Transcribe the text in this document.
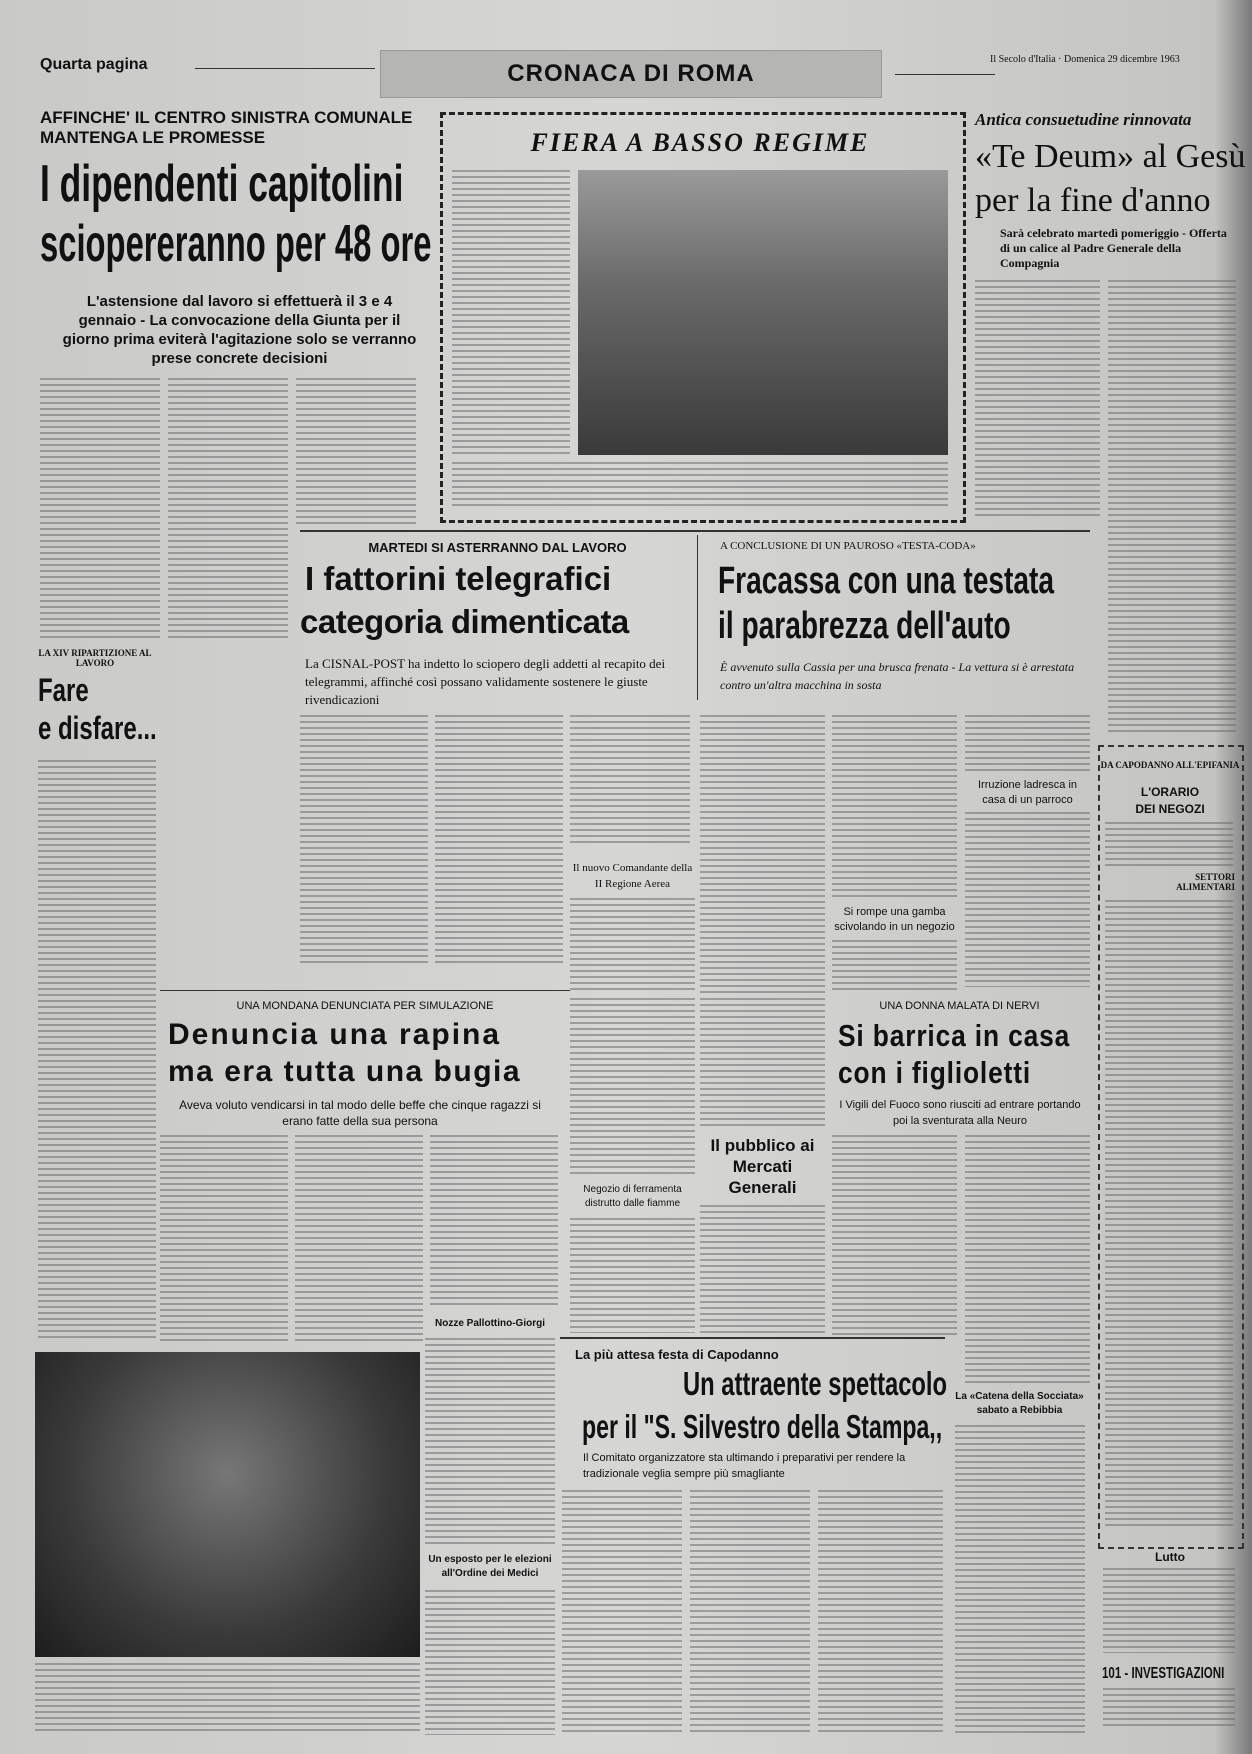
Quarta pagina	CRONACA DI ROMA
Il Secolo d'Italia · Domenica 29 dicembre 1963
AFFINCHE' IL CENTRO SINISTRA COMUNALE MANTENGA LE PROMESSE
I dipendenti capitolini
sciopereranno per 48 ore
L'astensione dal lavoro si effettuerà il 3 e 4 gennaio - La convocazione della Giunta per il giorno prima eviterà l'agitazione solo se verranno prese concrete decisioni
FIERA A BASSO REGIME
Antica consuetudine rinnovata
«Te Deum» al Gesù
per la fine d'anno
Sarà celebrato martedì pomeriggio - Offerta di un calice al Padre Generale della Compagnia
LA XIV RIPARTIZIONE AL LAVORO
Fare
e disfare...
MARTEDI SI ASTERRANNO DAL LAVORO
I fattorini telegrafici
categoria dimenticata
La CISNAL-POST ha indetto lo sciopero degli addetti al recapito dei telegrammi, affinché così possano validamente sostenere le giuste rivendicazioni
A CONCLUSIONE DI UN PAUROSO «TESTA-CODA»
Fracassa con una testata
il parabrezza dell'auto
È avvenuto sulla Cassia per una brusca frenata - La vettura si è arrestata contro un'altra macchina in sosta
Il nuovo Comandante della II Regione Aerea
Si rompe una gamba scivolando in un negozio
Irruzione ladresca in casa di un parroco
DA CAPODANNO ALL'EPIFANIA
L'ORARIO
DEI NEGOZI
SETTORI ALIMENTARI
UNA MONDANA DENUNCIATA PER SIMULAZIONE
Denuncia una rapina
ma era tutta una bugia
Aveva voluto vendicarsi in tal modo delle beffe che cinque ragazzi si erano fatte della sua persona
Negozio di ferramenta distrutto dalle fiamme
Il pubblico ai Mercati Generali
UNA DONNA MALATA DI NERVI
Si barrica in casa
con i figlioletti
I Vigili del Fuoco sono riusciti ad entrare portando poi la sventurata alla Neuro
Nozze Pallottino-Giorgi
Un esposto per le elezioni all'Ordine dei Medici
La più attesa festa di Capodanno
Un attraente spettacolo
per il "S. Silvestro della Stampa,,
Il Comitato organizzatore sta ultimando i preparativi per rendere la tradizionale veglia sempre più smagliante
La «Catena della Socciata» sabato a Rebibbia
Lutto
101 - INVESTIGAZIONI
